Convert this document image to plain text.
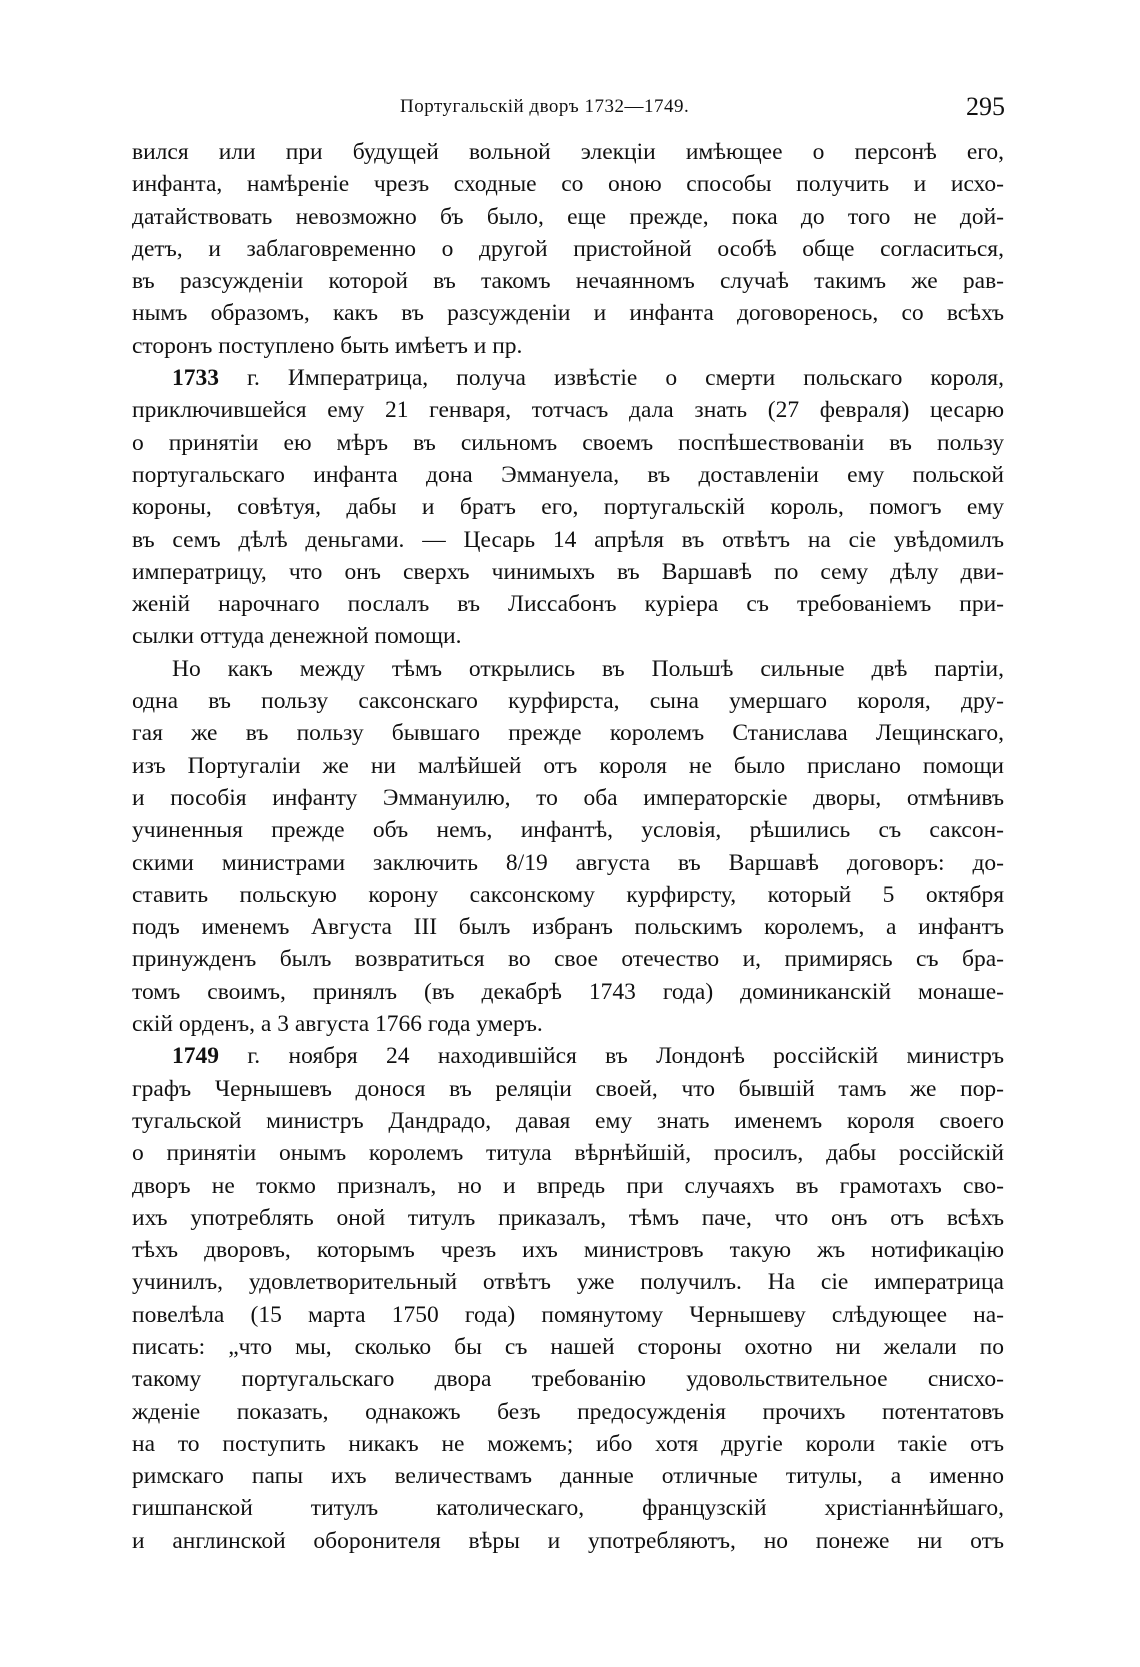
Португальскій дворъ 1732—1749.	295
вился или при будущей вольной элекціи имѣющее о персонѣ его,
инфанта, намѣреніе чрезъ сходные со оною способы получить и исхо-
датайствовать невозможно бъ было, еще прежде, пока до того не дой-
детъ, и заблаговременно о другой пристойной особѣ обще согласиться,
въ разсужденіи которой въ такомъ нечаянномъ случаѣ такимъ же рав-
нымъ образомъ, какъ въ разсужденіи и инфанта договоренось, со всѣхъ
сторонъ поступлено быть имѣетъ и пр.
1733 г. Императрица, получа извѣстіе о смерти польскаго короля,
приключившейся ему 21 генваря, тотчасъ дала знать (27 февраля) цесарю
о принятіи ею мѣръ въ сильномъ своемъ поспѣшествованіи въ пользу
португальскаго инфанта дона Эммануела, въ доставленіи ему польской
короны, совѣтуя, дабы и братъ его, португальскій король, помогъ ему
въ семъ дѣлѣ деньгами. — Цесарь 14 апрѣля въ отвѣтъ на сіе увѣдомилъ
императрицу, что онъ сверхъ чинимыхъ въ Варшавѣ по сему дѣлу дви-
женій нарочнаго послалъ въ Лиссабонъ куріера съ требованіемъ при-
сылки оттуда денежной помощи.
Но какъ между тѣмъ открылись въ Польшѣ сильные двѣ партіи,
одна въ пользу саксонскаго курфирста, сына умершаго короля, дру-
гая же въ пользу бывшаго прежде королемъ Станислава Лещинскаго,
изъ Португаліи же ни малѣйшей отъ короля не было прислано помощи
и пособія инфанту Эммануилю, то оба императорскіе дворы, отмѣнивъ
учиненныя прежде объ немъ, инфантѣ, условія, рѣшились съ саксон-
скими министрами заключить 8/19 августа въ Варшавѣ договоръ: до-
ставить польскую корону саксонскому курфирсту, который 5 октября
подъ именемъ Августа III былъ избранъ польскимъ королемъ, а инфантъ
принужденъ былъ возвратиться во свое отечество и, примирясь съ бра-
томъ своимъ, принялъ (въ декабрѣ 1743 года) доминиканскій монаше-
скій орденъ, а 3 августа 1766 года умеръ.
1749 г. ноября 24 находившійся въ Лондонѣ россійскій министръ
графъ Чернышевъ донося въ реляціи своей, что бывшій тамъ же пор-
тугальской министръ Дандрадо, давая ему знать именемъ короля своего
о принятіи онымъ королемъ титула вѣрнѣйшій, просилъ, дабы россійскій
дворъ не токмо призналъ, но и впредь при случаяхъ въ грамотахъ сво-
ихъ употреблять оной титулъ приказалъ, тѣмъ паче, что онъ отъ всѣхъ
тѣхъ дворовъ, которымъ чрезъ ихъ министровъ такую жъ нотификацію
учинилъ, удовлетворительный отвѣтъ уже получилъ. На сіе императрица
повелѣла (15 марта 1750 года) помянутому Чернышеву слѣдующее на-
писать: „что мы, сколько бы съ нашей стороны охотно ни желали по
такому португальскаго двора требованію удовольствительное снисхо-
жденіе показать, однакожъ безъ предосужденія прочихъ потентатовъ
на то поступить никакъ не можемъ; ибо хотя другіе короли такіе отъ
римскаго папы ихъ величествамъ данные отличные титулы, а именно
гишпанской титулъ католическаго, французскій христіаннѣйшаго,
и англинской оборонителя вѣры и употребляютъ, но понеже ни отъ
